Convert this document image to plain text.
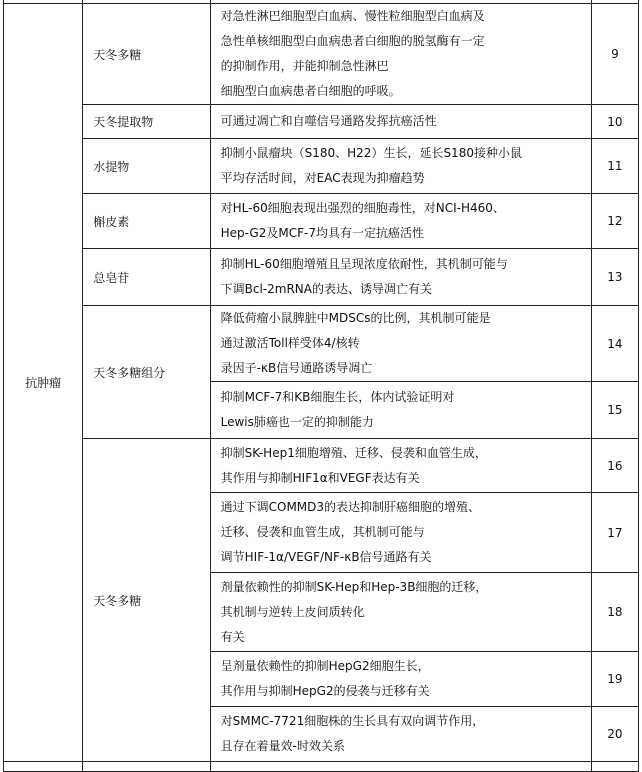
抗肿瘤	天冬多糖	对急性淋巴细胞型白血病、慢性粒细胞型白血病及
急性单核细胞型白血病患者白细胞的脱氢酶有一定
的抑制作用，并能抑制急性淋巴
细胞型白血病患者白细胞的呼吸。	9
	天冬提取物	可通过凋亡和自噬信号通路发挥抗癌活性	10
	水提物	抑制小鼠瘤块（S180、H22）生长，延长S180接种小鼠
平均存活时间，对EAC表现为抑瘤趋势	11
	槲皮素	对HL-60细胞表现出强烈的细胞毒性，对NCI-H460、
Hep-G2及MCF-7均具有一定抗癌活性	12
	总皂苷	抑制HL-60细胞增殖且呈现浓度依耐性，其机制可能与
下调Bcl-2mRNA的表达、诱导凋亡有关	13
	天冬多糖组分	降低荷瘤小鼠脾脏中MDSCs的比例，其机制可能是
通过激活Toll样受体4/核转
录因子-κB信号通路诱导凋亡	14

		抑制MCF-7和KB细胞生长，体内试验证明对
Lewis肺癌也一定的抑制能力	15
	天冬多糖	抑制SK-Hep1细胞增殖、迁移、侵袭和血管生成，
其作用与抑制HIF1α和VEGF表达有关	16

		通过下调COMMD3的表达抑制肝癌细胞的增殖、
迁移、侵袭和血管生成，其机制可能与
调节HIF-1α/VEGF/NF-κB信号通路有关	17

		剂量依赖性的抑制SK-Hep和Hep-3B细胞的迁移，
其机制与逆转上皮间质转化
有关	18

		呈剂量依赖性的抑制HepG2细胞生长，
其作用与抑制HepG2的侵袭与迁移有关	19

		对SMMC-7721细胞株的生长具有双向调节作用，
且存在着量效-时效关系	20
